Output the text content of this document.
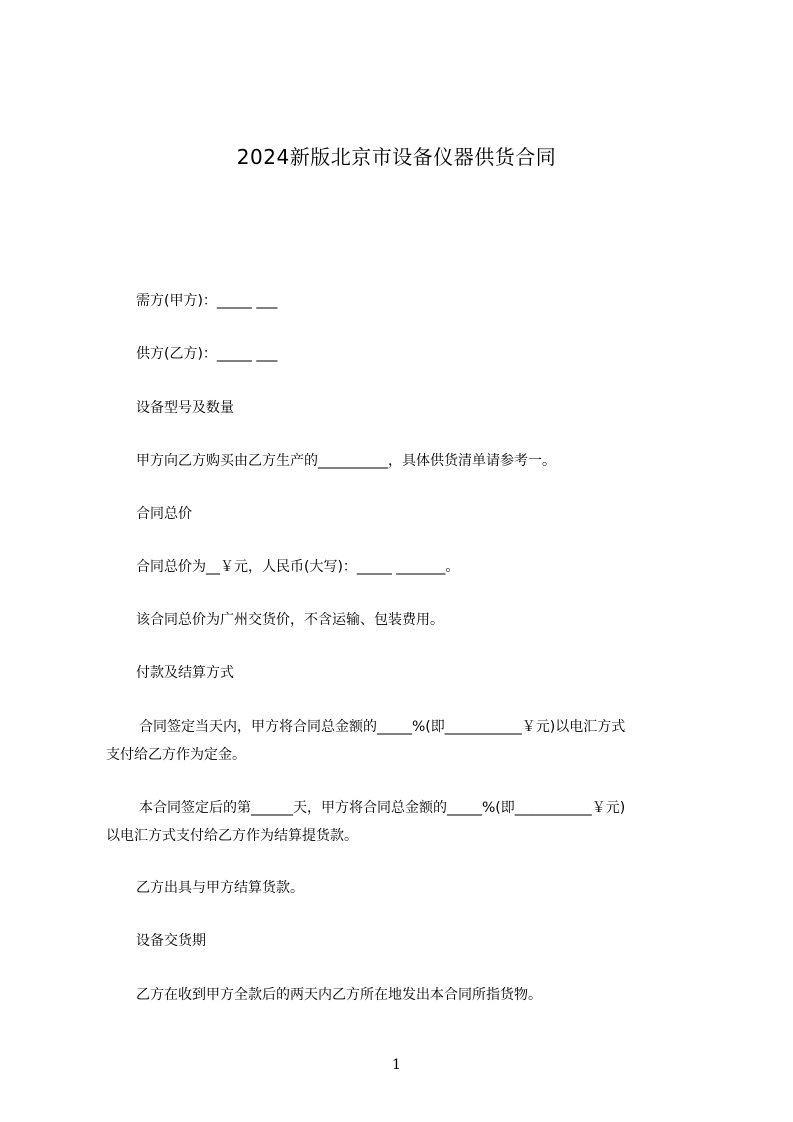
2024新版北京市设备仪器供货合同

需方(甲方)：_____ ___

供方(乙方)：_____ ___

设备型号及数量

甲方向乙方购买由乙方生产的__________，具体供货清单请参考一。

合同总价

合同总价为__￥元，人民币(大写)：_____ _______。

该合同总价为广州交货价，不含运输、包装费用。

付款及结算方式

合同签定当天内，甲方将合同总金额的_____%(即___________￥元)以电汇方式

支付给乙方作为定金。

本合同签定后的第______天，甲方将合同总金额的_____%(即___________￥元)

以电汇方式支付给乙方作为结算提货款。

乙方出具与甲方结算货款。

设备交货期

乙方在收到甲方全款后的两天内乙方所在地发出本合同所指货物。

1
